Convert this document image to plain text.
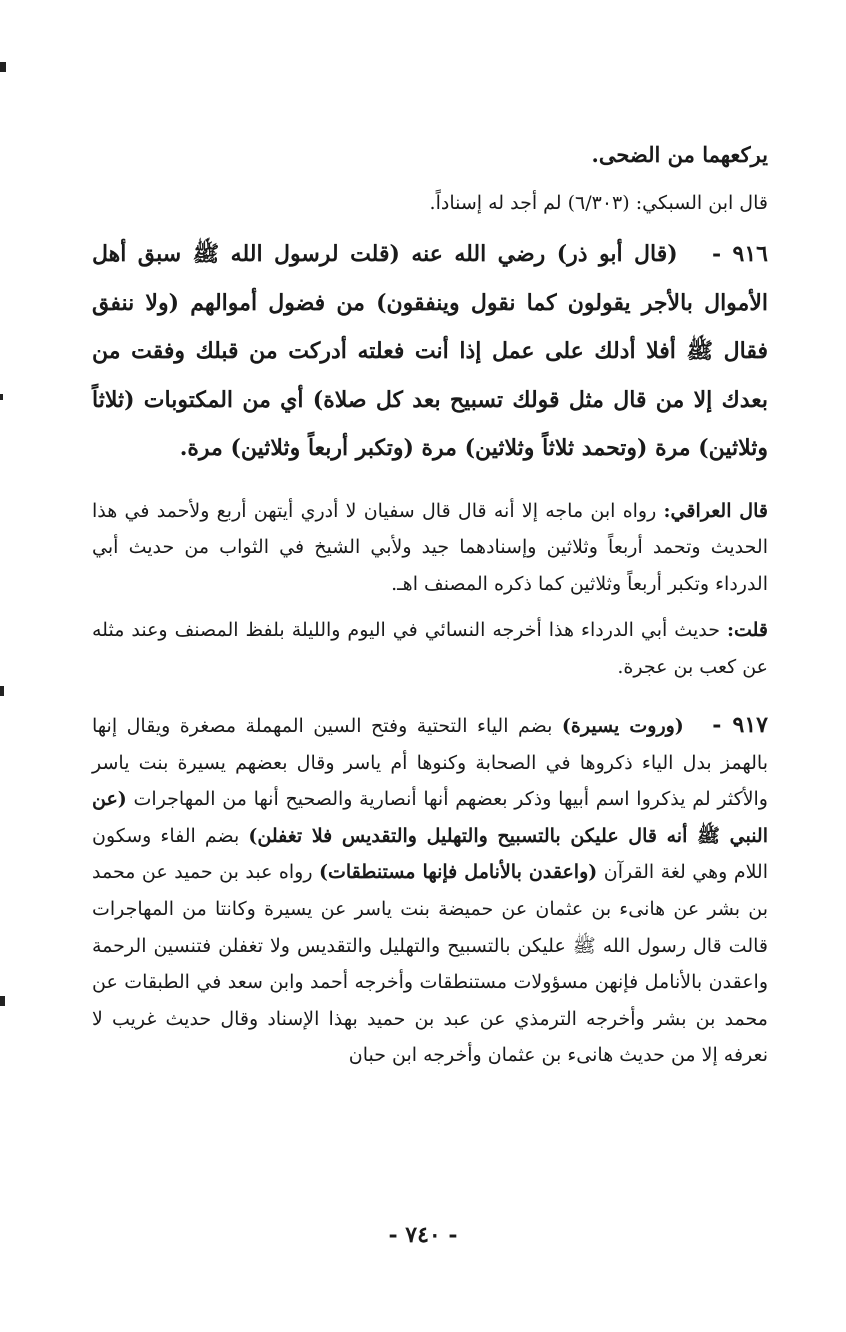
يركعهما من الضحى.

قال ابن السبكي: (٦/٣٠٣) لم أجد له إسناداً.

٩١٦ -   (قال أبو ذر) رضي الله عنه (قلت لرسول الله ﷺ سبق أهل الأموال بالأجر يقولون كما نقول وينفقون) من فضول أموالهم (ولا ننفق فقال ﷺ أفلا أدلك على عمل إذا أنت فعلته أدركت من قبلك وفقت من بعدك إلا من قال مثل قولك تسبيح بعد كل صلاة) أي من المكتوبات (ثلاثاً وثلاثين) مرة (وتحمد ثلاثاً وثلاثين) مرة (وتكبر أربعاً وثلاثين) مرة.

قال العراقي: رواه ابن ماجه إلا أنه قال قال سفيان لا أدري أيتهن أربع ولأحمد في هذا الحديث وتحمد أربعاً وثلاثين وإسنادهما جيد ولأبي الشيخ في الثواب من حديث أبي الدرداء وتكبر أربعاً وثلاثين كما ذكره المصنف اهـ.

قلت: حديث أبي الدرداء هذا أخرجه النسائي في اليوم والليلة بلفظ المصنف وعند مثله عن كعب بن عجرة.

٩١٧ -   (وروت يسيرة) بضم الياء التحتية وفتح السين المهملة مصغرة ويقال إنها بالهمز بدل الياء ذكروها في الصحابة وكنوها أم ياسر وقال بعضهم يسيرة بنت ياسر والأكثر لم يذكروا اسم أبيها وذكر بعضهم أنها أنصارية والصحيح أنها من المهاجرات (عن النبي ﷺ أنه قال عليكن بالتسبيح والتهليل والتقديس فلا تغفلن) بضم الفاء وسكون اللام وهي لغة القرآن (واعقدن بالأنامل فإنها مستنطقات) رواه عبد بن حميد عن محمد بن بشر عن هانىء بن عثمان عن حميضة بنت ياسر عن يسيرة وكانتا من المهاجرات قالت قال رسول الله ﷺ عليكن بالتسبيح والتهليل والتقديس ولا تغفلن فتنسين الرحمة واعقدن بالأنامل فإنهن مسؤولات مستنطقات وأخرجه أحمد وابن سعد في الطبقات عن محمد بن بشر وأخرجه الترمذي عن عبد بن حميد بهذا الإسناد وقال حديث غريب لا نعرفه إلا من حديث هانىء بن عثمان وأخرجه ابن حبان

- ٧٤٠ -
